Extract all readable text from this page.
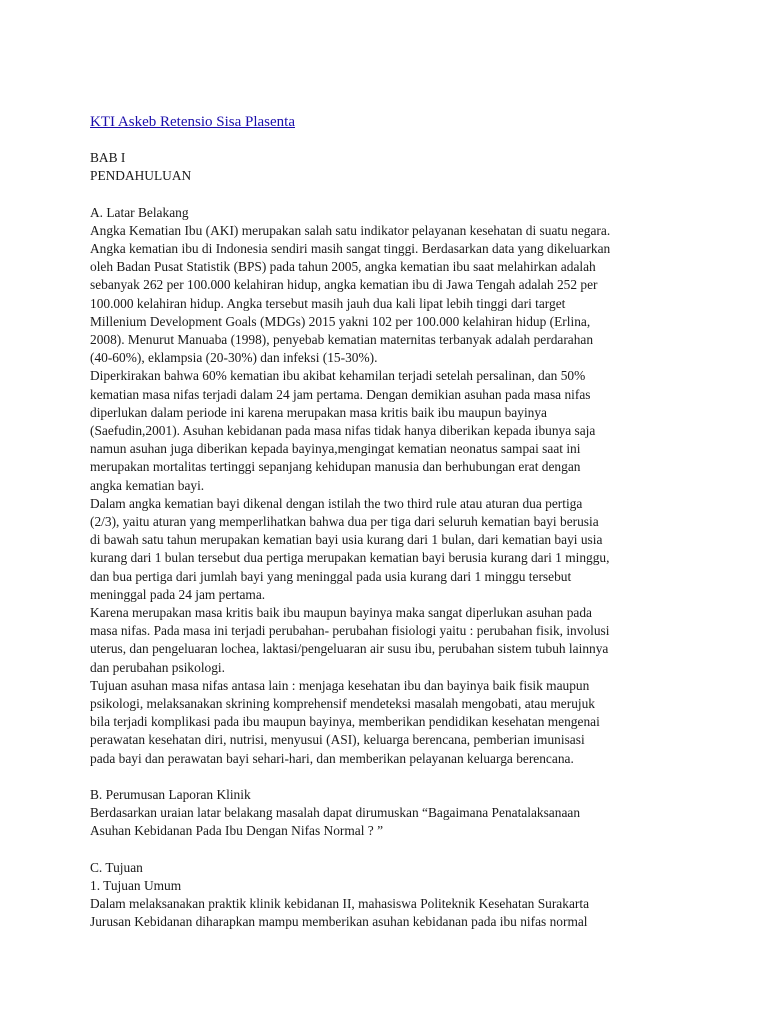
KTI Askeb Retensio Sisa Plasenta
BAB I
PENDAHULUAN
A. Latar Belakang
Angka Kematian Ibu (AKI) merupakan salah satu indikator pelayanan kesehatan di suatu negara.
Angka kematian ibu di Indonesia sendiri masih sangat tinggi. Berdasarkan data yang dikeluarkan
oleh Badan Pusat Statistik (BPS) pada tahun 2005, angka kematian ibu saat melahirkan adalah
sebanyak 262 per 100.000 kelahiran hidup, angka kematian ibu di Jawa Tengah adalah 252 per
100.000 kelahiran hidup. Angka tersebut masih jauh dua kali lipat lebih tinggi dari target
Millenium Development Goals (MDGs) 2015 yakni 102 per 100.000 kelahiran hidup (Erlina,
2008). Menurut Manuaba (1998), penyebab kematian maternitas terbanyak adalah perdarahan
(40-60%), eklampsia (20-30%) dan infeksi (15-30%).
Diperkirakan bahwa 60% kematian ibu akibat kehamilan terjadi setelah persalinan, dan 50%
kematian masa nifas terjadi dalam 24 jam pertama. Dengan demikian asuhan pada masa nifas
diperlukan dalam periode ini karena merupakan masa kritis baik ibu maupun bayinya
(Saefudin,2001). Asuhan kebidanan pada masa nifas tidak hanya diberikan kepada ibunya saja
namun asuhan juga diberikan kepada bayinya,mengingat kematian neonatus sampai saat ini
merupakan mortalitas tertinggi sepanjang kehidupan manusia dan berhubungan erat dengan
angka kematian bayi.
Dalam angka kematian bayi dikenal dengan istilah the two third rule atau aturan dua pertiga
(2/3), yaitu aturan yang memperlihatkan bahwa dua per tiga dari seluruh kematian bayi berusia
di bawah satu tahun merupakan kematian bayi usia kurang dari 1 bulan, dari kematian bayi usia
kurang dari 1 bulan tersebut dua pertiga merupakan kematian bayi berusia kurang dari 1 minggu,
dan bua pertiga dari jumlah bayi yang meninggal pada usia kurang dari 1 minggu tersebut
meninggal pada 24 jam pertama.
Karena merupakan masa kritis baik ibu maupun bayinya maka sangat diperlukan asuhan pada
masa nifas. Pada masa ini terjadi perubahan- perubahan fisiologi yaitu : perubahan fisik, involusi
uterus, dan pengeluaran lochea, laktasi/pengeluaran air susu ibu, perubahan sistem tubuh lainnya
dan perubahan psikologi.
Tujuan asuhan masa nifas antasa lain : menjaga kesehatan ibu dan bayinya baik fisik maupun
psikologi, melaksanakan skrining komprehensif mendeteksi masalah mengobati, atau merujuk
bila terjadi komplikasi pada ibu maupun bayinya, memberikan pendidikan kesehatan mengenai
perawatan kesehatan diri, nutrisi, menyusui (ASI), keluarga berencana, pemberian imunisasi
pada bayi dan perawatan bayi sehari-hari, dan memberikan pelayanan keluarga berencana.
B. Perumusan Laporan Klinik
Berdasarkan uraian latar belakang masalah dapat dirumuskan “Bagaimana Penatalaksanaan
Asuhan Kebidanan Pada Ibu Dengan Nifas Normal ? ”
C. Tujuan
1. Tujuan Umum
Dalam melaksanakan praktik klinik kebidanan II, mahasiswa Politeknik Kesehatan Surakarta
Jurusan Kebidanan diharapkan mampu memberikan asuhan kebidanan pada ibu nifas normal
